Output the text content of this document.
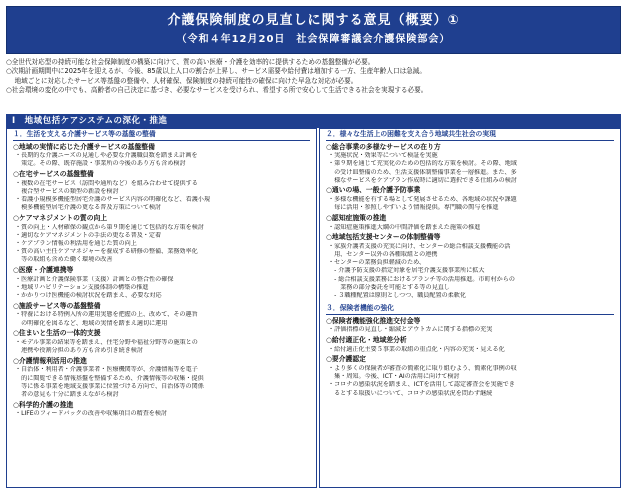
介護保険制度の見直しに関する意見（概要）①
（令和４年12月20日　社会保障審議会介護保険部会）

○全世代対応型の持続可能な社会保障制度の構築に向けて、質の高い医療・介護を効率的に提供するための基盤整備が必要。

○次期計画期間中に2025年を迎えるが、今後、85歳以上人口の割合が上昇し、サービス需要や給付費は増加する一方、生産年齢人口は急減。

　地域ごとに対応したサービス等基盤の整備や、人材確保、保険制度の持続可能性の確保に向けた早急な対応が必要。

○社会環境の変化の中でも、高齢者の自己決定に基づき、必要なサービスを受けられ、希望する所で安心して生活できる社会を実現する必要。

Ⅰ　地域包括ケアシステムの深化・推進
１．生活を支える介護サービス等の基盤の整備
○地域の実情に応じた介護サービスの基盤整備
・長期的な介護ニーズの見通しや必要な介護職員数を踏まえ計画を
　策定。その際、既存施設・事業所の今後のあり方も含め検討
○在宅サービスの基盤整備
・複数の在宅サービス（訪問や通所など）を組み合わせて提供する
　複合型サービスの類型の新設を検討
・看護小規模多機能型居宅介護のサービス内容の明確化など、看護小規
　模多機能型居宅介護の更なる普及方策について検討
○ケアマネジメントの質の向上
・質の向上・人材確保の観点から第９期を通じて包括的な方策を検討
・適切なケアマネジメントの手法の更なる普及・定着
・ケアプラン情報の利活用を通じた質の向上
・質の高い主任ケアマネジャーを養成する研修の整備、業務効率化
　等の取組も含めた働く環境の改善
○医療・介護連携等
・医療計画と介護保険事業（支援）計画との整合性の確保
・地域リハビリテーション支援体制の構築の推進
・かかりつけ医機能の検討状況を踏まえ、必要な対応
○施設サービス等の基盤整備
・特養における特例入所の運用実態を把握の上、改めて、その趣旨
　の明確化を図るなど、地域の実情を踏まえ適切に運用
○住まいと生活の一体的支援
・モデル事業の結果等を踏まえ、住宅分野や福祉分野等の施策との
　連携や役割分担のあり方も含め引き続き検討
○介護情報利活用の推進
・自治体・利用者・介護事業者・医療機関等が、介護情報等を電子
　的に閲覧できる情報基盤を整備するため、介護情報等の収集・提供
　等に係る事業を地域支援事業に位置づける方向で、自治体等の関係
　者の意見も十分に踏まえながら検討
○科学的介護の推進
・LIFEのフィードバックの改善や収集項目の精査を検討
２．様々な生活上の困難を支え合う地域共生社会の実現
○総合事業の多様なサービスの在り方
・実施状況・効果等について検証を実施
・第９期を通じて充実化のための包括的な方策を検討。その際、地域
　の受け皿整備のため、生活支援体制整備事業を一層推進。また、多
　様なサービスをケアプラン作成時に適切に選択できる仕組みの検討
○通いの場、一般介護予防事業
・多様な機能を有する場として発展させるため、各地域の状況や課題
　毎に活用・参照しやすいよう情報提供。専門職の関与を推進
○認知症施策の推進
・認知症施策推進大綱の中間評価を踏まえた施策の推進
○地域包括支援センターの体制整備等
・家族介護者支援の充実に向け、センターの総合相談支援機能の活
　用、センター以外の各種取組との連携
・センターの業務負担軽減のため、
　- 介護予防支援の指定対象を居宅介護支援事業所に拡大
　- 総合相談支援業務におけるブランチ等の活用推進。市町村からの
　　業務の部分委託を可能とする等の見直し
　- ３職種配置は原則としつつ、職員配置の柔軟化
３．保険者機能の強化
○保険者機能強化推進交付金等
・評価指標の見直し・縮減とアウトカムに関する指標の充実
○給付適正化・地域差分析
・給付適正化主要５事業の取組の重点化・内容の充実・見える化
○要介護認定
・より多くの保険者が審査の簡素化に取り組むよう、簡素化事例の収
　集・周知。今後、ICT・AIの活用に向けて検討
・コロナの感染状況を踏まえ、ICTを活用して認定審査会を実施でき
　るとする取扱いについて、コロナの感染状況を問わず継続
